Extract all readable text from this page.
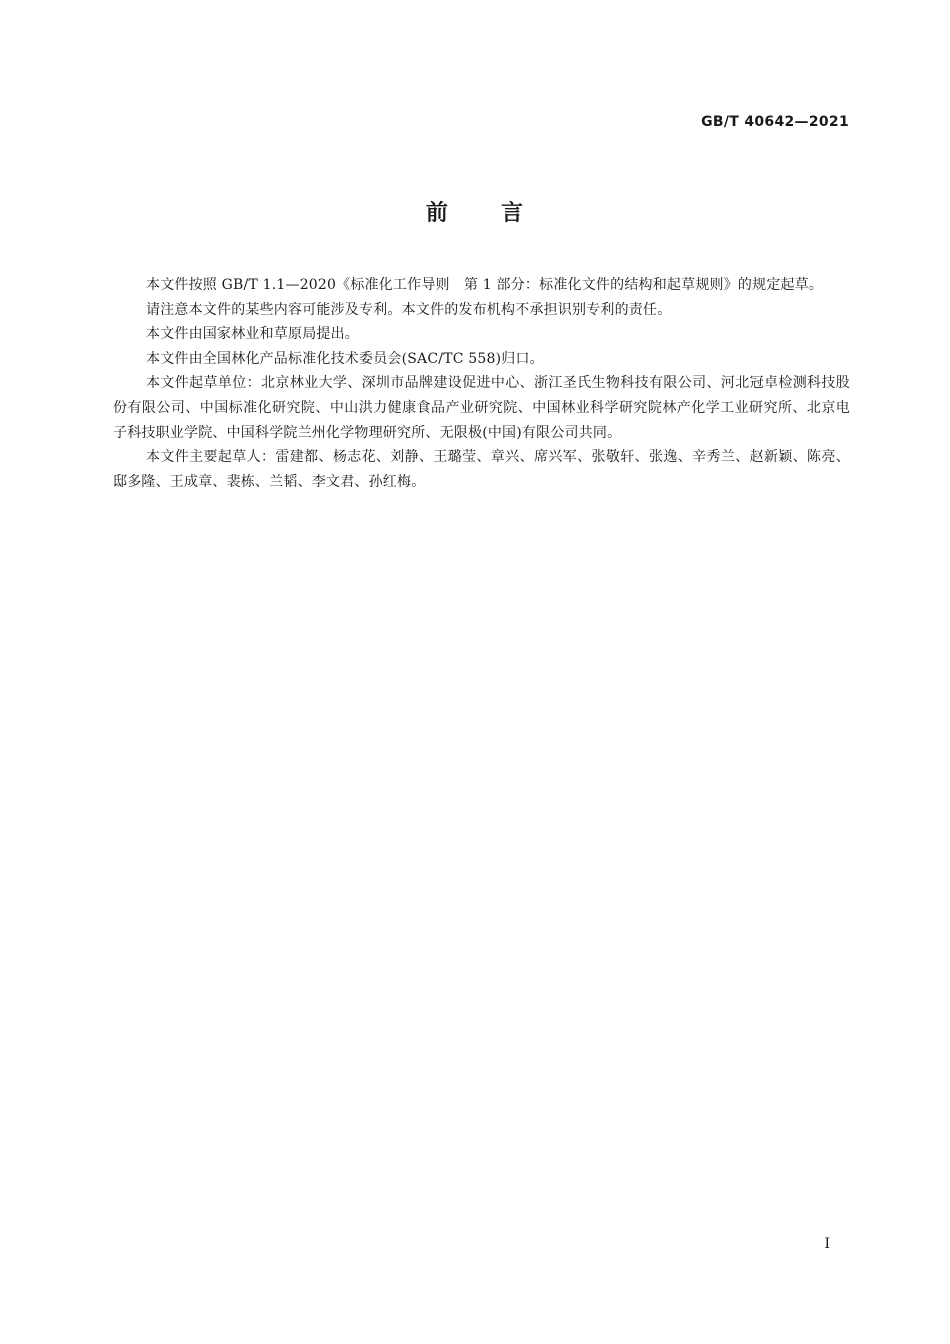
GB/T 40642—2021
前 言

本文件按照 GB/T 1.1—2020《标准化工作导则　第 1 部分：标准化文件的结构和起草规则》的规定起草。

请注意本文件的某些内容可能涉及专利。本文件的发布机构不承担识别专利的责任。

本文件由国家林业和草原局提出。

本文件由全国林化产品标准化技术委员会(SAC/TC 558)归口。

本文件起草单位：北京林业大学、深圳市品牌建设促进中心、浙江圣氏生物科技有限公司、河北冠卓检测科技股份有限公司、中国标准化研究院、中山洪力健康食品产业研究院、中国林业科学研究院林产化学工业研究所、北京电子科技职业学院、中国科学院兰州化学物理研究所、无限极(中国)有限公司共同。

本文件主要起草人：雷建都、杨志花、刘静、王璐莹、章兴、席兴军、张敬轩、张逸、辛秀兰、赵新颖、陈亮、邸多隆、王成章、裴栋、兰韬、李文君、孙红梅。

I
